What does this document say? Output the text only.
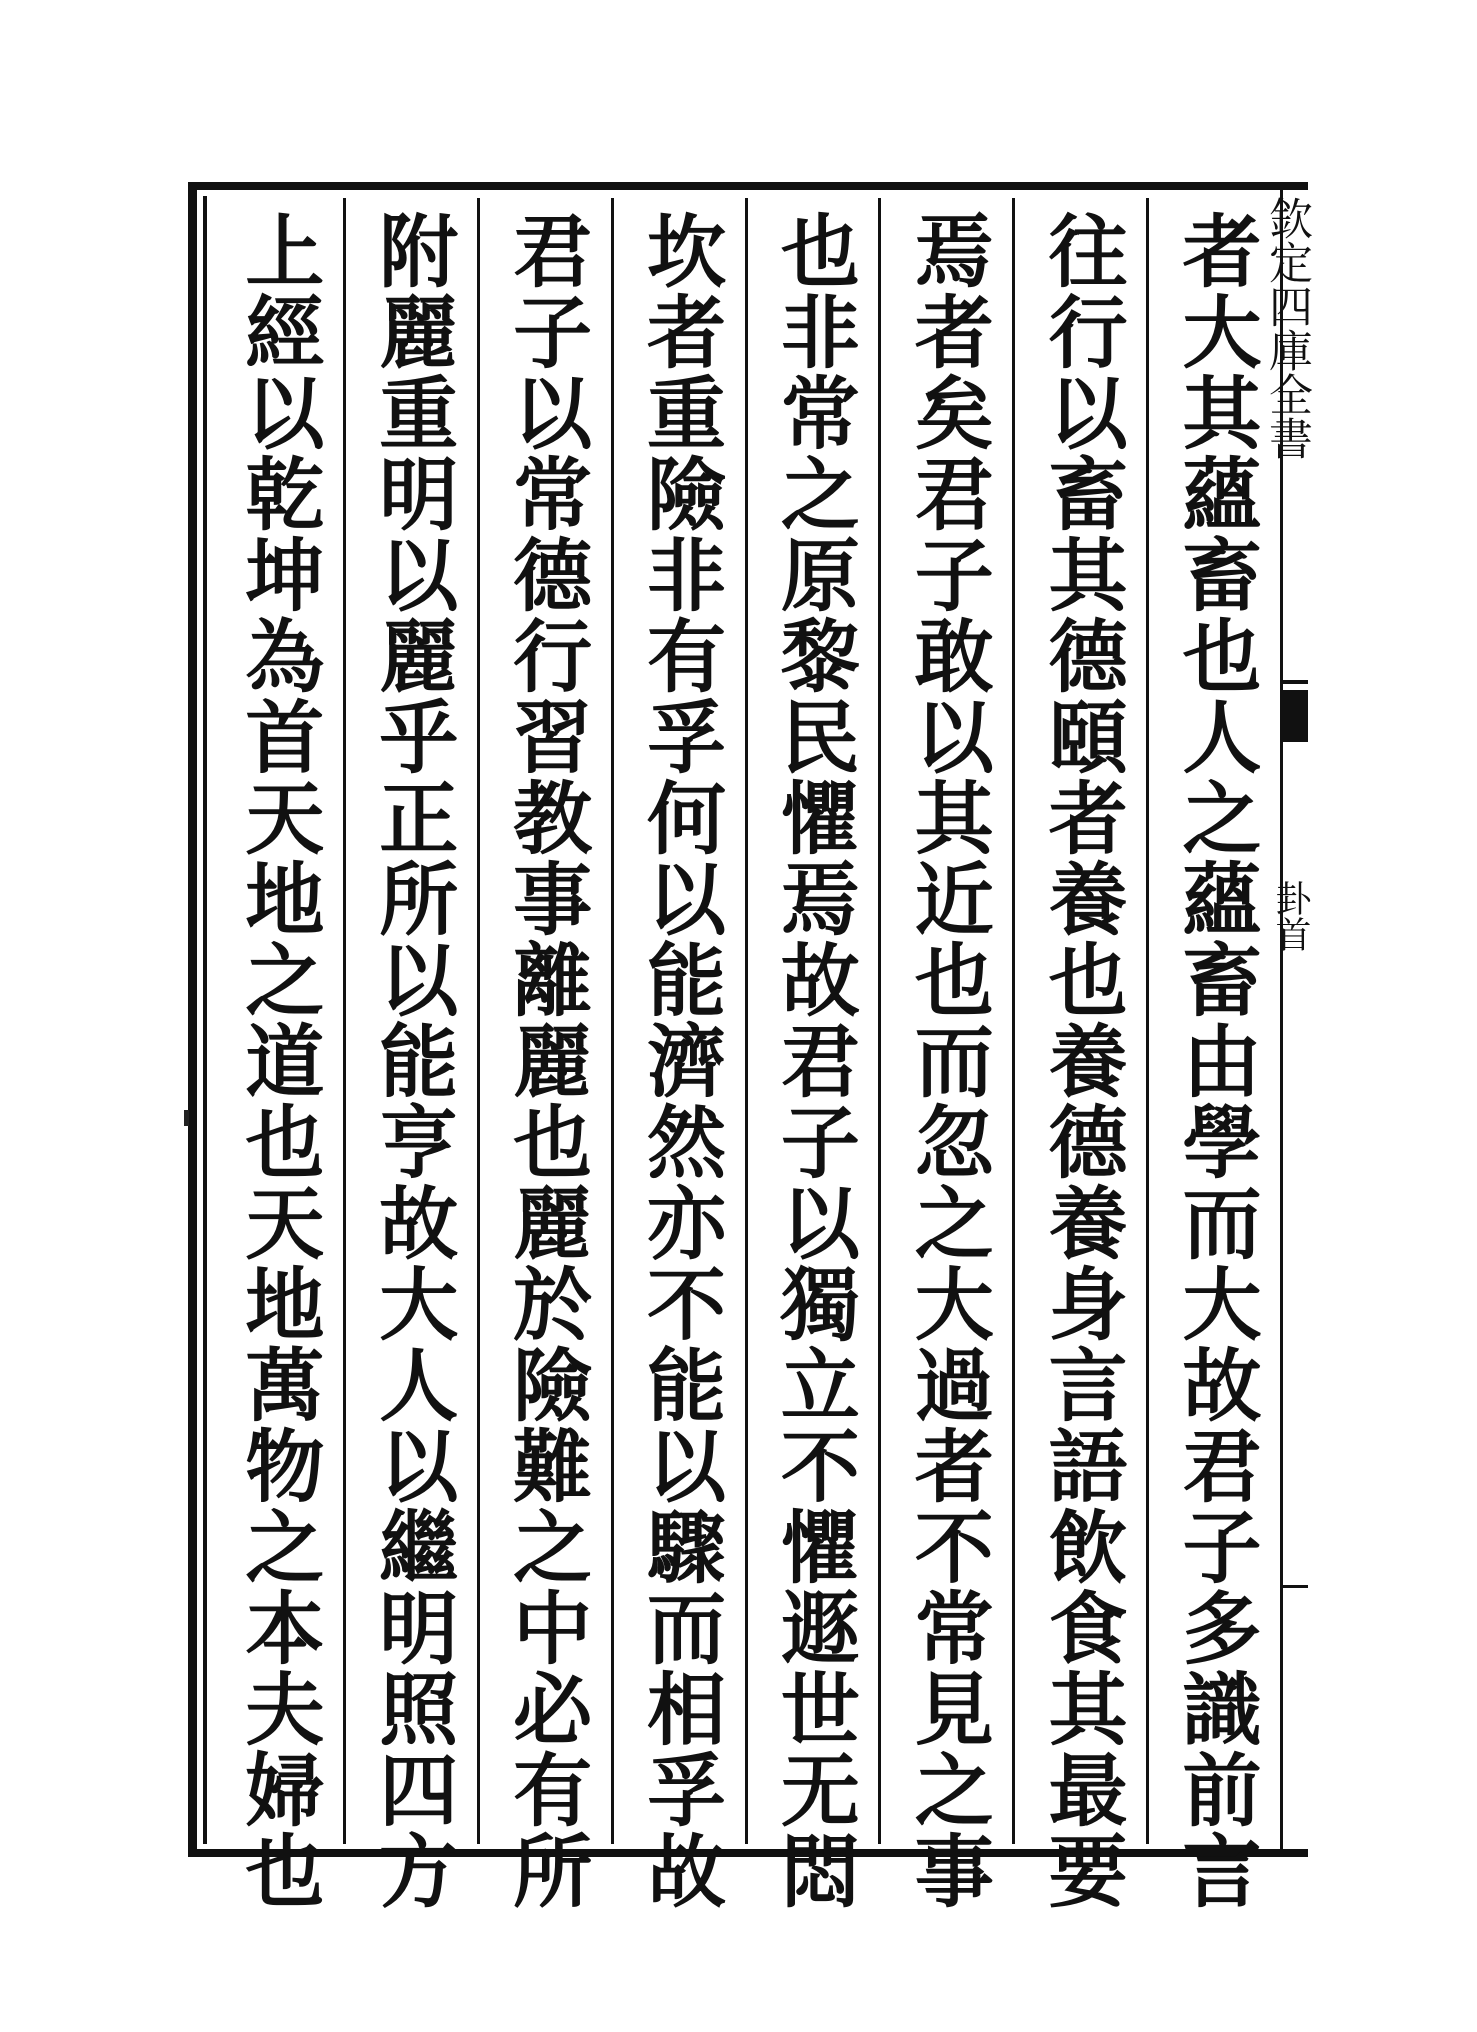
者大其蘊畜也人之蘊畜由學而大故君子多識前言
往行以畜其德頤者養也養德養身言語飲食其最要
焉者矣君子敢以其近也而忽之大過者不常見之事
也非常之原黎民懼焉故君子以獨立不懼遯世无悶
坎者重險非有孚何以能濟然亦不能以驟而相孚故
君子以常德行習教事離麗也麗於險難之中必有所
附麗重明以麗乎正所以能亨故大人以繼明照四方
上經以乾坤為首天地之道也天地萬物之本夫婦也	欽定四庫全書
卦首
